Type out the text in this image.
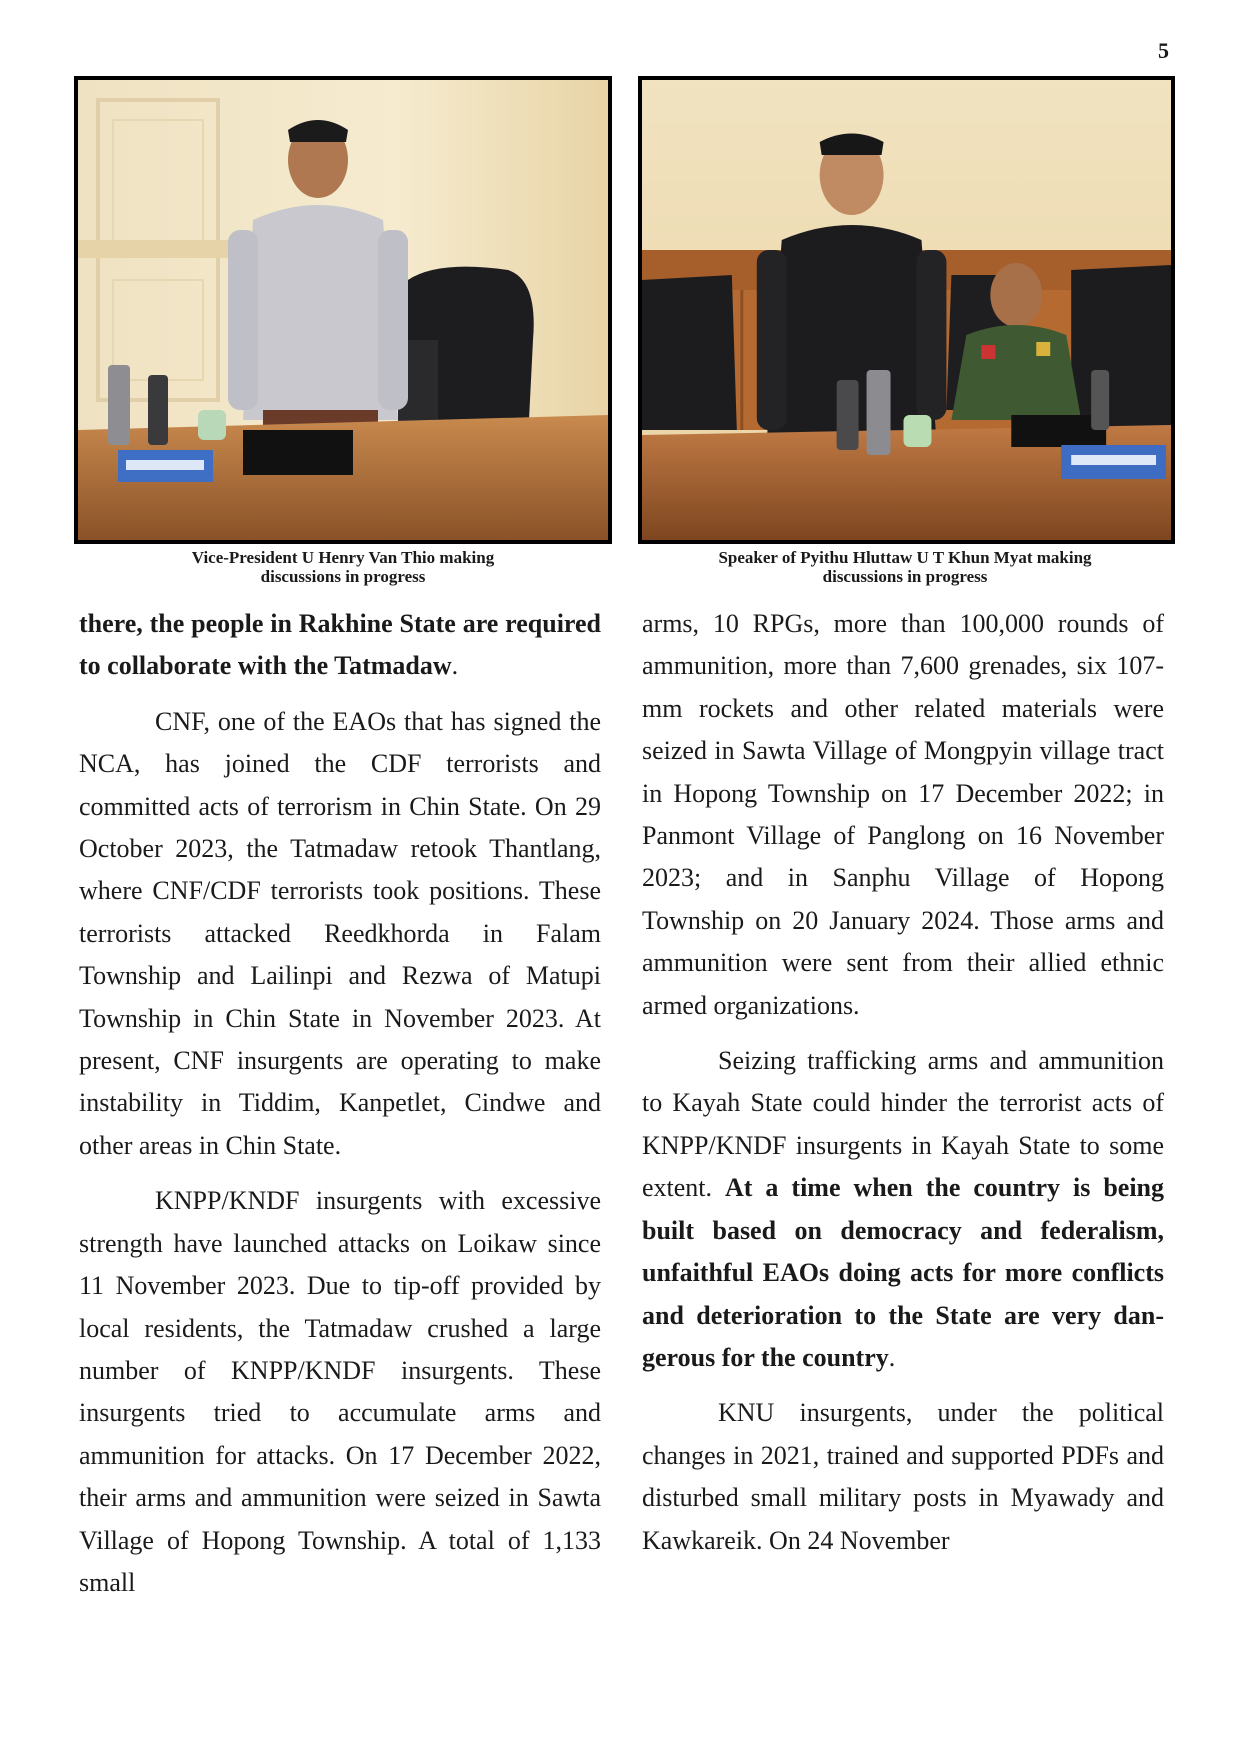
5
Vice-President U Henry Van Thio making
discussions in progress
Speaker of Pyithu Hluttaw U T Khun Myat making
discussions in progress

there, the people in Rakhine State are required to collaborate with the Tatmadaw.

CNF, one of the EAOs that has signed the NCA, has joined the CDF terrorists and committed acts of terrorism in Chin State. On 29 October 2023, the Tatmadaw retook Thantlang, where CNF/CDF terrorists took positions. These terrorists attacked Reedkhorda in Falam Township and Lailinpi and Rezwa of Matupi Township in Chin State in November 2023. At present, CNF insurgents are operating to make instability in Tiddim, Kanpetlet, Cindwe and other areas in Chin State.

KNPP/KNDF insurgents with excessive strength have launched attacks on Loikaw since 11 November 2023. Due to tip-off provided by local residents, the Tatmadaw crushed a large number of KNPP/KNDF insurgents. These insurgents tried to accumulate arms and ammunition for attacks. On 17 December 2022, their arms and ammunition were seized in Sawta Village of Hopong Township. A total of 1,133 small

arms, 10 RPGs, more than 100,000 rounds of ammunition, more than 7,600 grenades, six 107-mm rockets and other related materials were seized in Sawta Village of Mongpyin village tract in Hopong Township on 17 December 2022; in Panmont Village of Panglong on 16 November 2023; and in Sanphu Village of Hopong Township on 20 January 2024. Those arms and ammunition were sent from their allied ethnic armed organizations.

Seizing trafficking arms and ammunition to Kayah State could hinder the terrorist acts of KNPP/KNDF insurgents in Kayah State to some extent. At a time when the country is being built based on democracy and federalism, unfaithful EAOs doing acts for more conflicts and deterioration to the State are very dangerous for the country.

KNU insurgents, under the political changes in 2021, trained and supported PDFs and disturbed small military posts in Myawady and Kawkareik. On 24 November
